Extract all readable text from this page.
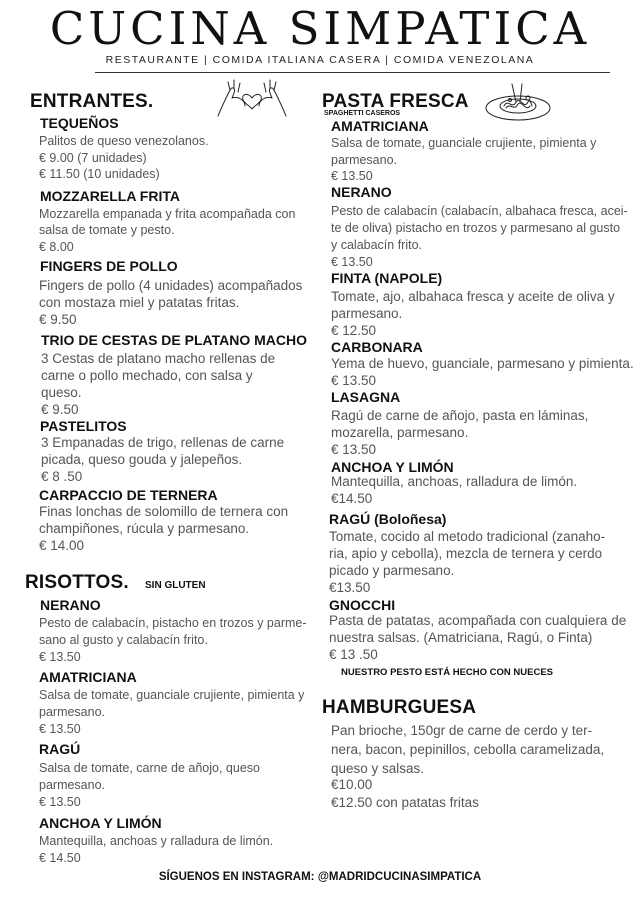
CUCINA SIMPATICA
RESTAURANTE | COMIDA ITALIANA CASERA | COMIDA VENEZOLANA
ENTRANTES.
TEQUEÑOS
Palitos de queso venezolanos.
€ 9.00 (7 unidades)
€ 11.50 (10 unidades)
MOZZARELLA FRITA
Mozzarella empanada y frita acompañada con
salsa de tomate y pesto.
€ 8.00
FINGERS DE POLLO
Fingers de pollo (4 unidades) acompañados
con mostaza miel y patatas fritas.
€ 9.50
TRIO DE CESTAS DE PLATANO MACHO
3 Cestas de platano macho rellenas de
carne o pollo mechado, con salsa y
queso.
€ 9.50
PASTELITOS
3 Empanadas de trigo, rellenas de carne
picada, queso gouda y jalepeños.
€ 8 .50
CARPACCIO DE TERNERA
Finas lonchas de solomillo de ternera con
champiñones, rúcula y parmesano.
€ 14.00
RISOTTOS. SIN GLUTEN
NERANO
Pesto de calabacín, pistacho en trozos y parme-
sano al gusto y calabacín frito.
€ 13.50
AMATRICIANA
Salsa de tomate, guanciale crujiente, pimienta y
parmesano.
€ 13.50
RAGÚ
Salsa de tomate, carne de añojo, queso
parmesano.
€ 13.50
ANCHOA Y LIMÓN
Mantequilla, anchoas y ralladura de limón.
€ 14.50
PASTA FRESCA
SPAGHETTI CASEROS
AMATRICIANA
Salsa de tomate, guanciale crujiente, pimienta y
parmesano.
€ 13.50
NERANO
Pesto de calabacín (calabacín, albahaca fresca, acei-
te de oliva) pistacho en trozos y parmesano al gusto
y calabacín frito.
€ 13.50
FINTA (NAPOLE)
Tomate, ajo, albahaca fresca y aceite de oliva y
parmesano.
€ 12.50
CARBONARA
Yema de huevo, guanciale, parmesano y pimienta.
€ 13.50
LASAGNA
Ragú de carne de añojo, pasta en láminas,
mozarella, parmesano.
€ 13.50
ANCHOA Y LIMÓN
Mantequilla, anchoas, ralladura de limón.
€14.50
RAGÚ (Boloñesa)
Tomate, cocido al metodo tradicional (zanaho-
ria, apio y cebolla), mezcla de ternera y cerdo
picado y parmesano.
€13.50
GNOCCHI
Pasta de patatas, acompañada con cualquiera de
nuestra salsas. (Amatriciana, Ragú, o Finta)
€ 13 .50
NUESTRO PESTO ESTÁ HECHO CON NUECES
HAMBURGUESA
Pan brioche, 150gr de carne de cerdo y ter-
nera, bacon, pepinillos, cebolla caramelizada,
queso y salsas.
€10.00
€12.50 con patatas fritas
SÍGUENOS EN INSTAGRAM: @MADRIDCUCINASIMPATICA
